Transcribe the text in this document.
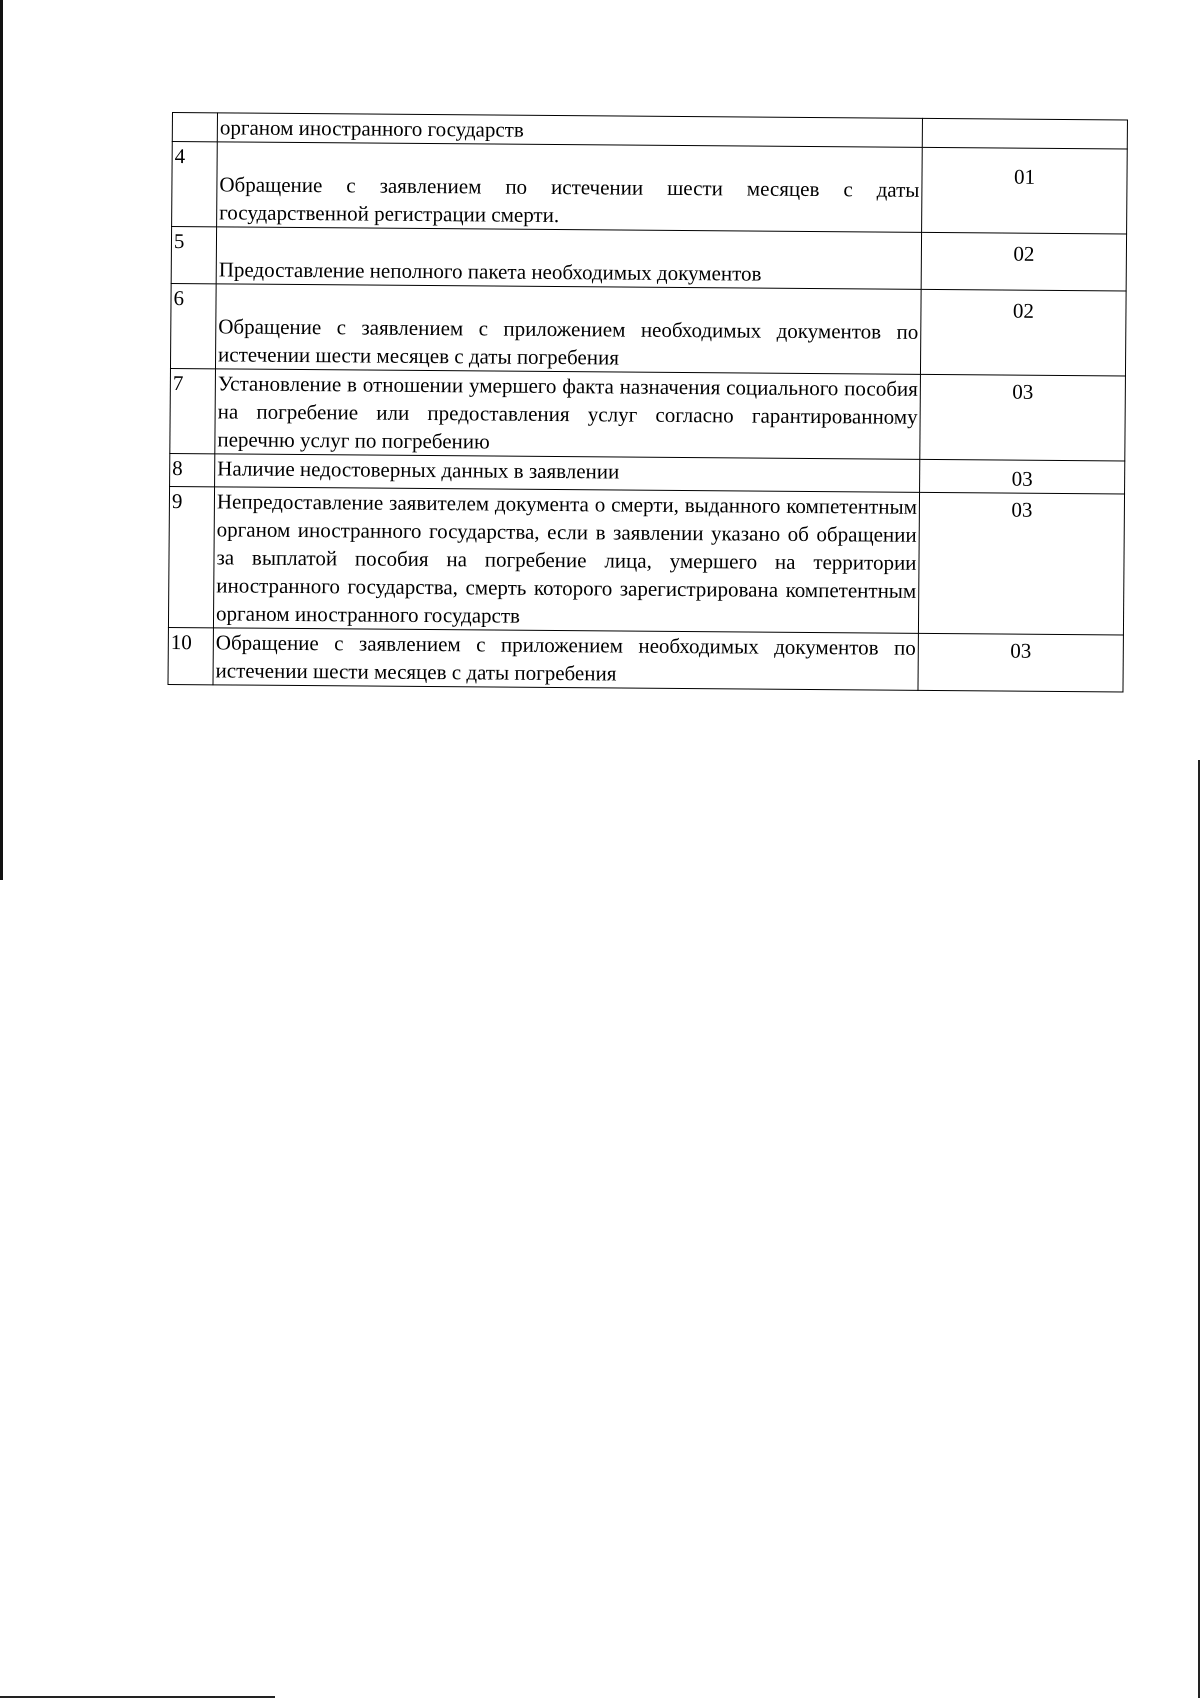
	органом иностранного государств	
4	Обращение с заявлением по истечении шести месяцев с даты государственной регистрации смерти.	01
5	Предоставление неполного пакета необходимых документов	02
6	Обращение с заявлением с приложением необходимых документов по истечении шести месяцев с даты погребения	02
7	Установление в отношении умершего факта назначения социального пособия на погребение или предоставления услуг согласно гарантированному перечню услуг по погребению	03
8	Наличие недостоверных данных в заявлении	03
9	Непредоставление заявителем документа о смерти, выданного компетентным органом иностранного государства, если в заявлении указано об обращении за выплатой пособия на погребение лица, умершего на территории иностранного государства, смерть которого зарегистрирована компетентным органом иностранного государств	03
10	Обращение с заявлением с приложением необходимых документов по истечении шести месяцев с даты погребения	03
